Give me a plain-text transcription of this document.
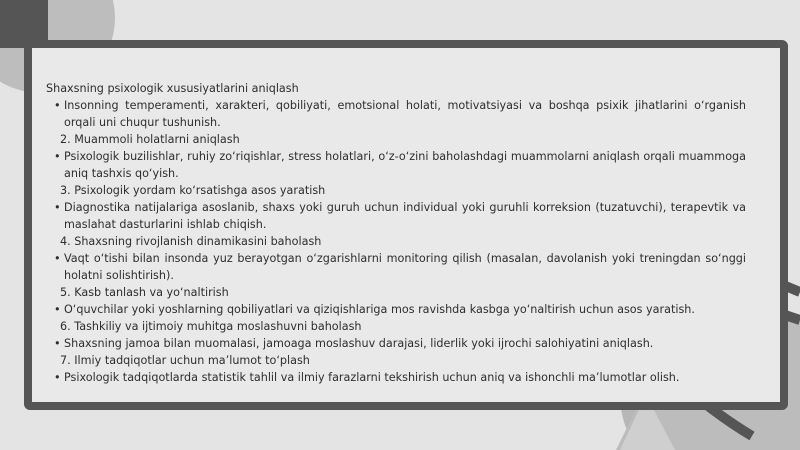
Shaxsning psixologik xususiyatlarini aniqlash

• Insonning temperamenti, xarakteri, qobiliyati, emotsional holati, motivatsiyasi va boshqa psixik jihatlarini o‘rganish orqali uni chuqur tushunish.

2. Muammoli holatlarni aniqlash

• Psixologik buzilishlar, ruhiy zo‘riqishlar, stress holatlari, o‘z-o‘zini baholashdagi muammolarni aniqlash orqali muammoga aniq tashxis qo‘yish.

3. Psixologik yordam ko‘rsatishga asos yaratish

• Diagnostika natijalariga asoslanib, shaxs yoki guruh uchun individual yoki guruhli korreksion (tuzatuvchi), terapevtik va maslahat dasturlarini ishlab chiqish.

4. Shaxsning rivojlanish dinamikasini baholash

• Vaqt o‘tishi bilan insonda yuz berayotgan o‘zgarishlarni monitoring qilish (masalan, davolanish yoki treningdan so‘nggi holatni solishtirish).

5. Kasb tanlash va yo‘naltirish

• O‘quvchilar yoki yoshlarning qobiliyatlari va qiziqishlariga mos ravishda kasbga yo‘naltirish uchun asos yaratish.

6. Tashkiliy va ijtimoiy muhitga moslashuvni baholash

• Shaxsning jamoa bilan muomalasi, jamoaga moslashuv darajasi, liderlik yoki ijrochi salohiyatini aniqlash.

7. Ilmiy tadqiqotlar uchun ma’lumot to‘plash

• Psixologik tadqiqotlarda statistik tahlil va ilmiy farazlarni tekshirish uchun aniq va ishonchli ma’lumotlar olish.
